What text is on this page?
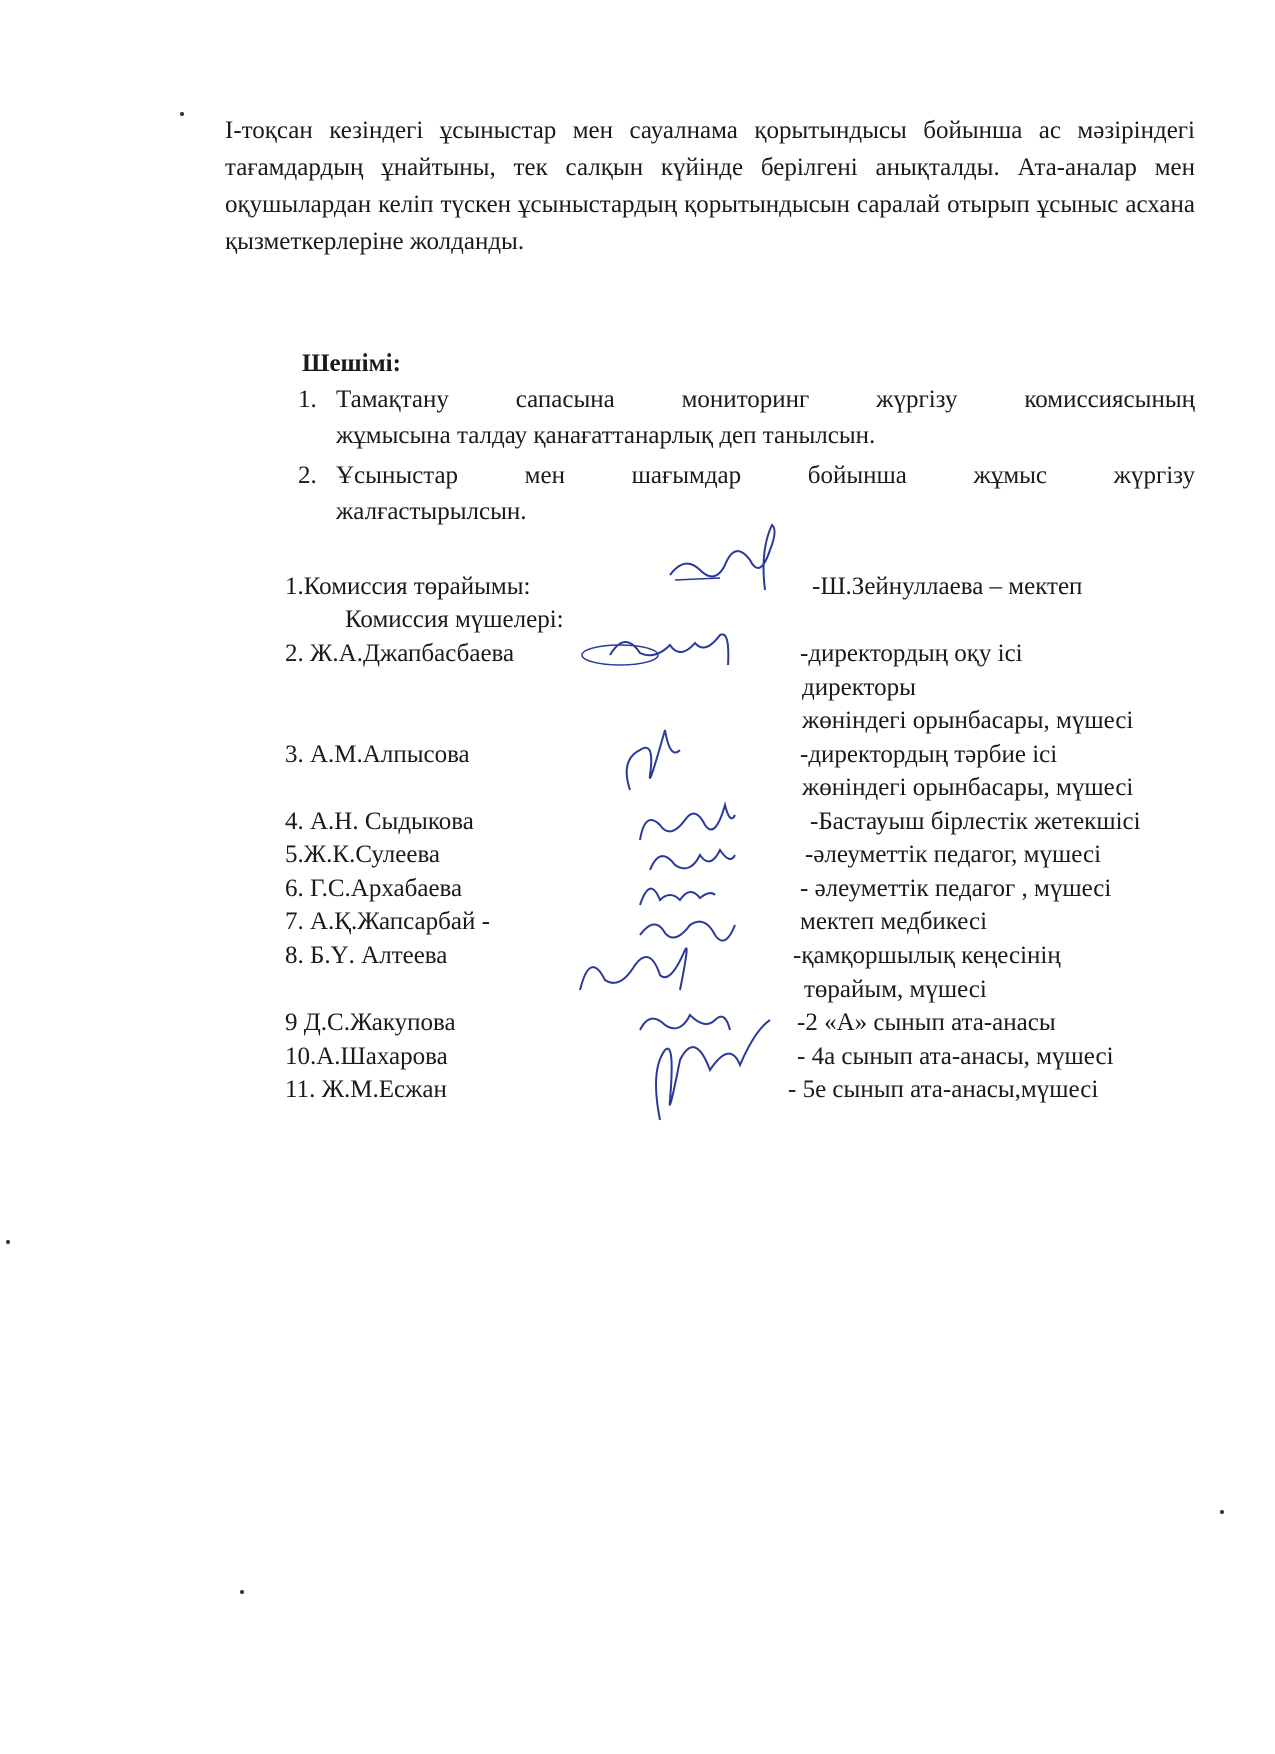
І-тоқсан кезіндегі ұсыныстар мен сауалнама қорытындысы бойынша ас мәзіріндегі тағамдардың ұнайтыны, тек салқын күйінде берілгені анықталды. Ата-аналар мен оқушылардан келіп түскен ұсыныстардың қорытындысын саралай отырып ұсыныс асхана қызметкерлеріне жолданды.
Шешімі:
1. Тамақтану сапасына мониторинг жүргізу комиссиясының
жұмысына талдау қанағаттанарлық деп танылсын.
2. Ұсыныстар мен шағымдар бойынша жұмыс жүргізу
жалғастырылсын.
1.Комиссия төрайымы:	-Ш.Зейнуллаева – мектеп
Комиссия мүшелері:
2. Ж.А.Джапбасбаева	-директордың оқу ісі
директоры
жөніндегі орынбасары, мүшесі
3. А.М.Алпысова	-директордың тәрбие ісі
жөніндегі орынбасары, мүшесі
4. А.Н. Сыдыкова	-Бастауыш бірлестік жетекшісі
5.Ж.К.Сулеева	-әлеуметтік педагог, мүшесі
6. Г.С.Архабаева	- әлеуметтік педагог , мүшесі
7. А.Қ.Жапсарбай -	мектеп медбикесі
8. Б.Ү. Алтеева	-қамқоршылық кеңесінің
төрайым, мүшесі
9 Д.С.Жакупова	-2 «А» сынып ата-анасы
10.А.Шахарова	- 4а сынып ата-анасы, мүшесі
11. Ж.М.Есжан	- 5е сынып ата-анасы,мүшесі
